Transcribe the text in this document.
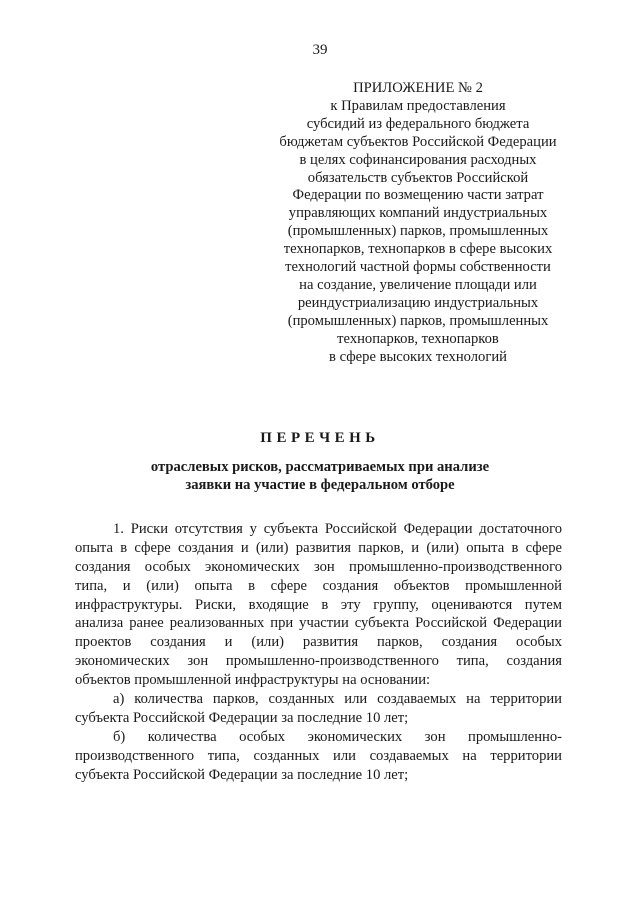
39
ПРИЛОЖЕНИЕ № 2
к Правилам предоставления
субсидий из федерального бюджета
бюджетам субъектов Российской Федерации
в целях софинансирования расходных
обязательств субъектов Российской
Федерации по возмещению части затрат
управляющих компаний индустриальных
(промышленных) парков, промышленных
технопарков, технопарков в сфере высоких
технологий частной формы собственности
на создание, увеличение площади или
реиндустриализацию индустриальных
(промышленных) парков, промышленных
технопарков, технопарков
в сфере высоких технологий
ПЕРЕЧЕНЬ
отраслевых рисков, рассматриваемых при анализе
заявки на участие в федеральном отборе
1. Риски отсутствия у субъекта Российской Федерации достаточного
опыта в сфере создания и (или) развития парков, и (или) опыта в сфере
создания особых экономических зон промышленно-производственного
типа, и (или) опыта в сфере создания объектов промышленной
инфраструктуры. Риски, входящие в эту группу, оцениваются путем
анализа ранее реализованных при участии субъекта Российской Федерации
проектов создания и (или) развития парков, создания особых
экономических зон промышленно-производственного типа, создания
объектов промышленной инфраструктуры на основании:
а) количества парков, созданных или создаваемых на территории
субъекта Российской Федерации за последние 10 лет;
б) количества особых экономических зон промышленно-
производственного типа, созданных или создаваемых на территории
субъекта Российской Федерации за последние 10 лет;
